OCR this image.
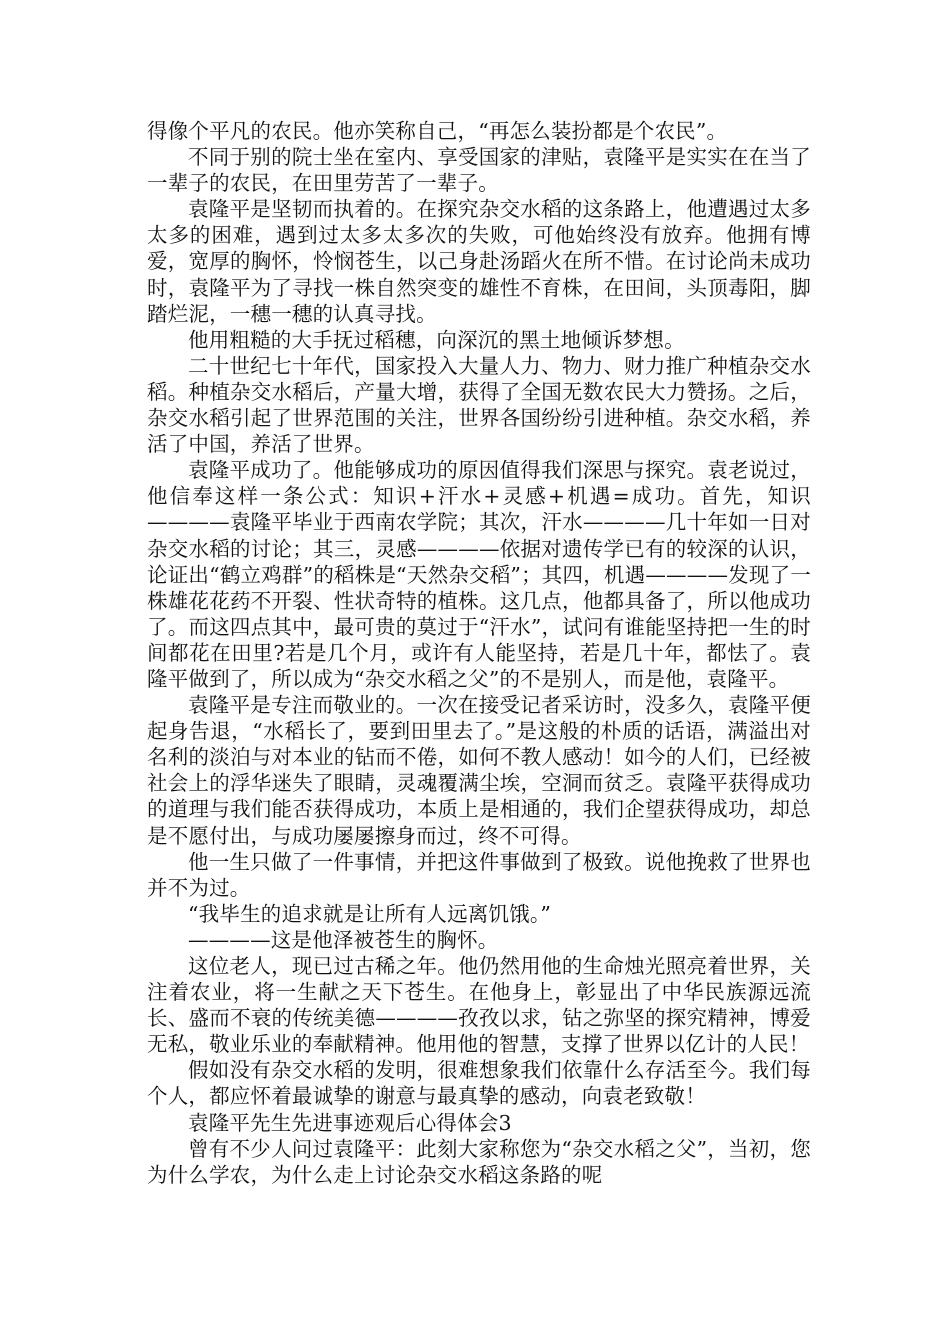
得像个平凡的农民。他亦笑称自己，“再怎么装扮都是个农民”。

不同于别的院士坐在室内、享受国家的津贴，袁隆平是实实在在当了一辈子的农民，在田里劳苦了一辈子。

袁隆平是坚韧而执着的。在探究杂交水稻的这条路上，他遭遇过太多太多的困难，遇到过太多太多次的失败，可他始终没有放弃。他拥有博爱，宽厚的胸怀，怜悯苍生，以己身赴汤蹈火在所不惜。在讨论尚未成功时，袁隆平为了寻找一株自然突变的雄性不育株，在田间，头顶毒阳，脚踏烂泥，一穗一穗的认真寻找。

他用粗糙的大手抚过稻穗，向深沉的黑土地倾诉梦想。

二十世纪七十年代，国家投入大量人力、物力、财力推广种植杂交水稻。种植杂交水稻后，产量大增，获得了全国无数农民大力赞扬。之后，杂交水稻引起了世界范围的关注，世界各国纷纷引进种植。杂交水稻，养活了中国，养活了世界。

袁隆平成功了。他能够成功的原因值得我们深思与探究。袁老说过，他信奉这样一条公式：知识+汗水+灵感+机遇=成功。首先，知识————袁隆平毕业于西南农学院；其次，汗水————几十年如一日对杂交水稻的讨论；其三，灵感————依据对遗传学已有的较深的认识，论证出“鹤立鸡群”的稻株是“天然杂交稻”；其四，机遇————发现了一株雄花花药不开裂、性状奇特的植株。这几点，他都具备了，所以他成功了。而这四点其中，最可贵的莫过于“汗水”，试问有谁能坚持把一生的时间都花在田里?若是几个月，或许有人能坚持，若是几十年，都怯了。袁隆平做到了，所以成为“杂交水稻之父”的不是别人，而是他，袁隆平。

袁隆平是专注而敬业的。一次在接受记者采访时，没多久，袁隆平便起身告退，“水稻长了，要到田里去了。”是这般的朴质的话语，满溢出对名利的淡泊与对本业的钻而不倦，如何不教人感动！如今的人们，已经被社会上的浮华迷失了眼睛，灵魂覆满尘埃，空洞而贫乏。袁隆平获得成功的道理与我们能否获得成功，本质上是相通的，我们企望获得成功，却总是不愿付出，与成功屡屡擦身而过，终不可得。

他一生只做了一件事情，并把这件事做到了极致。说他挽救了世界也并不为过。

“我毕生的追求就是让所有人远离饥饿。”

————这是他泽被苍生的胸怀。

这位老人，现已过古稀之年。他仍然用他的生命烛光照亮着世界，关注着农业，将一生献之天下苍生。在他身上，彰显出了中华民族源远流长、盛而不衰的传统美德————孜孜以求，钻之弥坚的探究精神，博爱无私，敬业乐业的奉献精神。他用他的智慧，支撑了世界以亿计的人民！

假如没有杂交水稻的发明，很难想象我们依靠什么存活至今。我们每个人，都应怀着最诚挚的谢意与最真挚的感动，向袁老致敬！

袁隆平先生先进事迹观后心得体会3

曾有不少人问过袁隆平：此刻大家称您为“杂交水稻之父”，当初，您为什么学农，为什么走上讨论杂交水稻这条路的呢
